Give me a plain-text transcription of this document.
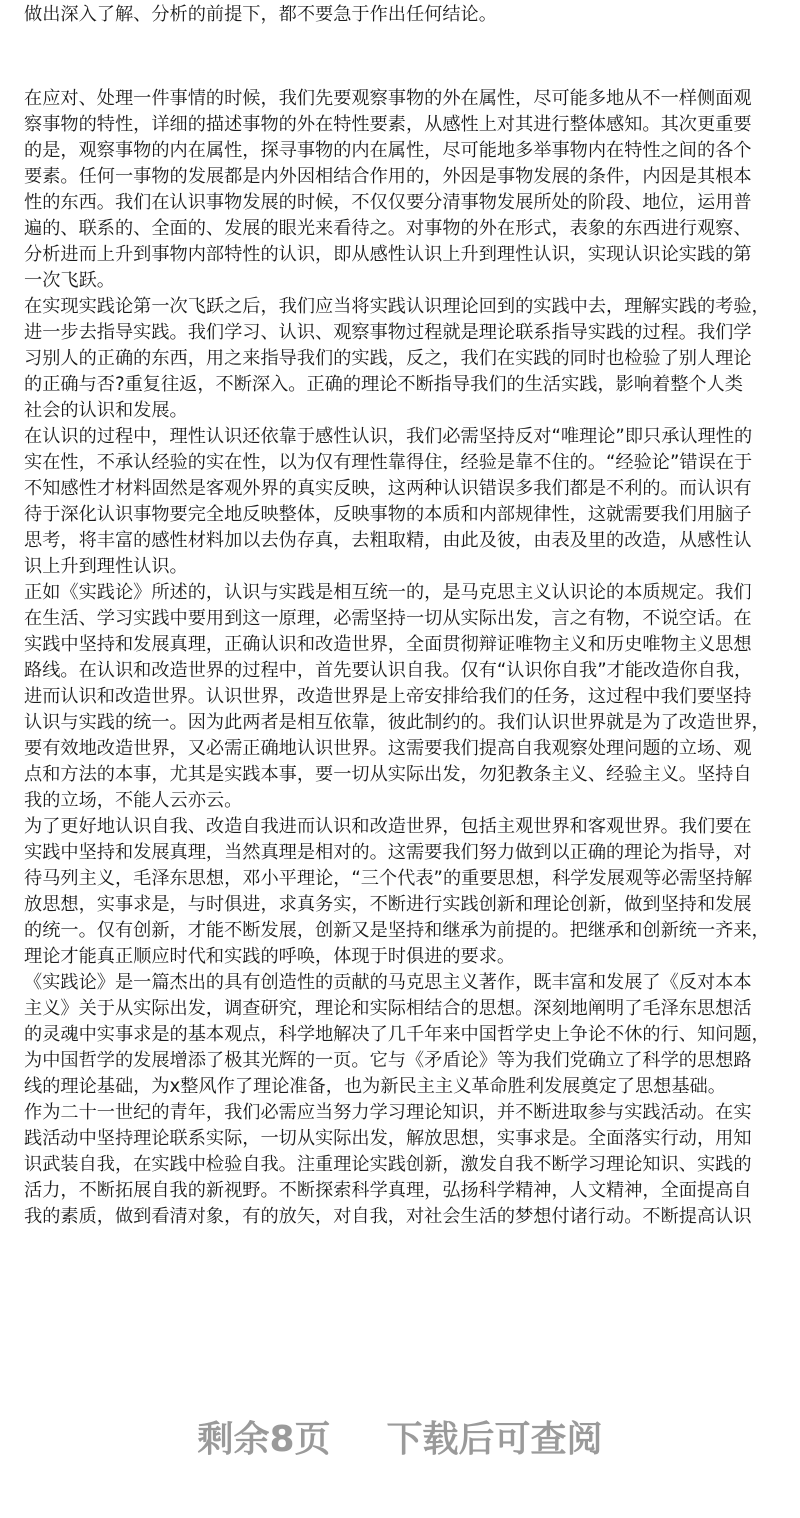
做出深入了解、分析的前提下，都不要急于作出任何结论。
在应对、处理一件事情的时候，我们先要观察事物的外在属性，尽可能多地从不一样侧面观
察事物的特性，详细的描述事物的外在特性要素，从感性上对其进行整体感知。其次更重要
的是，观察事物的内在属性，探寻事物的内在属性，尽可能地多举事物内在特性之间的各个
要素。任何一事物的发展都是内外因相结合作用的，外因是事物发展的条件，内因是其根本
性的东西。我们在认识事物发展的时候，不仅仅要分清事物发展所处的阶段、地位，运用普
遍的、联系的、全面的、发展的眼光来看待之。对事物的外在形式，表象的东西进行观察、
分析进而上升到事物内部特性的认识，即从感性认识上升到理性认识，实现认识论实践的第
一次飞跃。
在实现实践论第一次飞跃之后，我们应当将实践认识理论回到的实践中去，理解实践的考验，
进一步去指导实践。我们学习、认识、观察事物过程就是理论联系指导实践的过程。我们学
习别人的正确的东西，用之来指导我们的实践，反之，我们在实践的同时也检验了别人理论
的正确与否?重复往返，不断深入。正确的理论不断指导我们的生活实践，影响着整个人类
社会的认识和发展。
在认识的过程中，理性认识还依靠于感性认识，我们必需坚持反对“唯理论”即只承认理性的
实在性，不承认经验的实在性，以为仅有理性靠得住，经验是靠不住的。“经验论”错误在于
不知感性才材料固然是客观外界的真实反映，这两种认识错误多我们都是不利的。而认识有
待于深化认识事物要完全地反映整体，反映事物的本质和内部规律性，这就需要我们用脑子
思考，将丰富的感性材料加以去伪存真，去粗取精，由此及彼，由表及里的改造，从感性认
识上升到理性认识。
正如《实践论》所述的，认识与实践是相互统一的，是马克思主义认识论的本质规定。我们
在生活、学习实践中要用到这一原理，必需坚持一切从实际出发，言之有物，不说空话。在
实践中坚持和发展真理，正确认识和改造世界，全面贯彻辩证唯物主义和历史唯物主义思想
路线。在认识和改造世界的过程中，首先要认识自我。仅有“认识你自我”才能改造你自我，
进而认识和改造世界。认识世界，改造世界是上帝安排给我们的任务，这过程中我们要坚持
认识与实践的统一。因为此两者是相互依靠，彼此制约的。我们认识世界就是为了改造世界，
要有效地改造世界，又必需正确地认识世界。这需要我们提高自我观察处理问题的立场、观
点和方法的本事，尤其是实践本事，要一切从实际出发，勿犯教条主义、经验主义。坚持自
我的立场，不能人云亦云。
为了更好地认识自我、改造自我进而认识和改造世界，包括主观世界和客观世界。我们要在
实践中坚持和发展真理，当然真理是相对的。这需要我们努力做到以正确的理论为指导，对
待马列主义，毛泽东思想，邓小平理论，“三个代表”的重要思想，科学发展观等必需坚持解
放思想，实事求是，与时俱进，求真务实，不断进行实践创新和理论创新，做到坚持和发展
的统一。仅有创新，才能不断发展，创新又是坚持和继承为前提的。把继承和创新统一齐来，
理论才能真正顺应时代和实践的呼唤，体现于时俱进的要求。
《实践论》是一篇杰出的具有创造性的贡献的马克思主义著作，既丰富和发展了《反对本本
主义》关于从实际出发，调查研究，理论和实际相结合的思想。深刻地阐明了毛泽东思想活
的灵魂中实事求是的基本观点，科学地解决了几千年来中国哲学史上争论不休的行、知问题，
为中国哲学的发展增添了极其光辉的一页。它与《矛盾论》等为我们党确立了科学的思想路
线的理论基础，为x整风作了理论准备，也为新民主主义革命胜利发展奠定了思想基础。
作为二十一世纪的青年，我们必需应当努力学习理论知识，并不断进取参与实践活动。在实
践活动中坚持理论联系实际，一切从实际出发，解放思想，实事求是。全面落实行动，用知
识武装自我，在实践中检验自我。注重理论实践创新，激发自我不断学习理论知识、实践的
活力，不断拓展自我的新视野。不断探索科学真理，弘扬科学精神，人文精神，全面提高自
我的素质，做到看清对象，有的放矢，对自我，对社会生活的梦想付诸行动。不断提高认识
剩余8页 下载后可查阅
